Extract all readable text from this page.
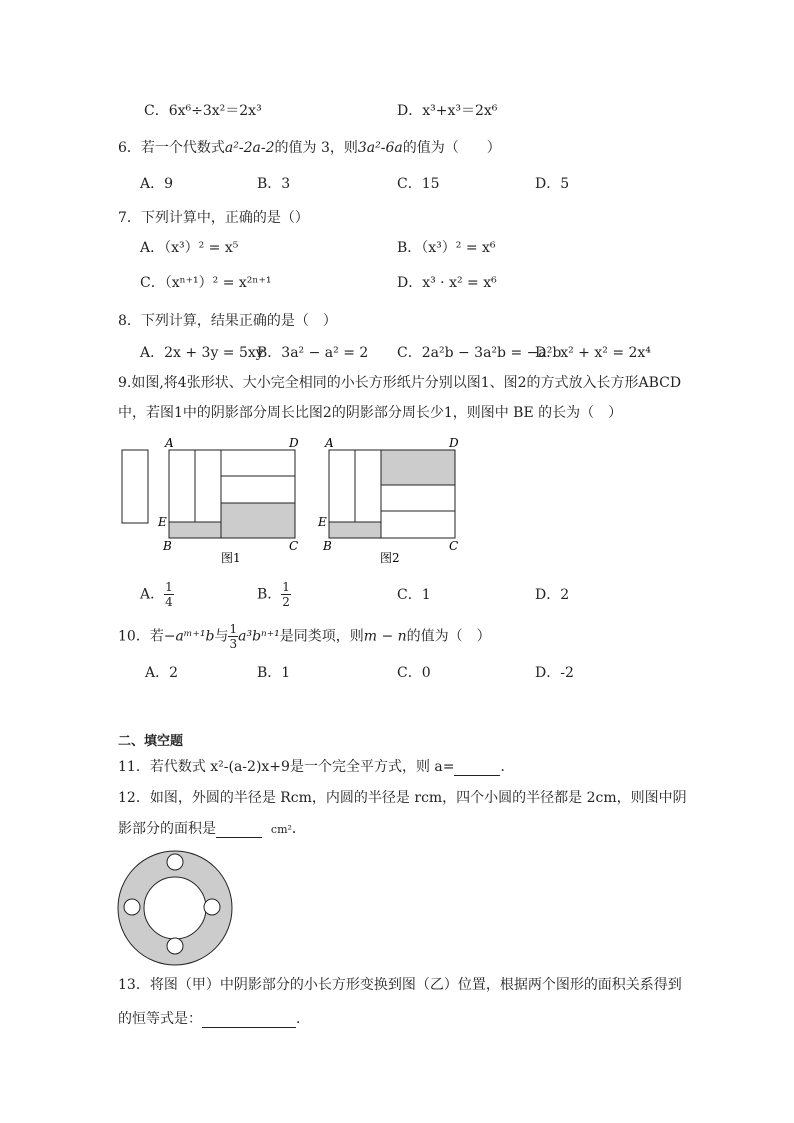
C．6x⁶÷3x²＝2x³	D．x³+x³＝2x⁶
6．若一个代数式a²-2a-2的值为 3，则3a²-6a的值为（　　）
A．9	B．3	C．15	D．5
7．下列计算中，正确的是（）
A．（x³）² = x⁵	B．（x³）² = x⁶
C．（xⁿ⁺¹）² = x²ⁿ⁺¹	D．x³ · x² = x⁶
8．下列计算，结果正确的是（　）
A．2x + 3y = 5xy
B．3a² − a² = 2 C．2a²b − 3a²b = −a²b
D．x² + x² = 2x⁴
9.如图,将4张形状、大小完全相同的小长方形纸片分别以图1、图2的方式放入长方形ABCD
中，若图1中的阴影部分周长比图2的阴影部分周长少1，则图中 BE 的长为（　）
A	D
E
B	C
图1
A	D
E
B	C
图2
A． $\frac{1}{4}$	B． $\frac{1}{2}$	C．1	D．2
10．若−aᵐ⁺¹b与 $\frac{1}{3} a^3b^{n+1}$是同类项，则m − n的值为（　）
A．2	B．1	C．0	D．-2
二、填空题
11．若代数式 x²-(a-2)x+9是一个完全平方式，则 a=	．
12．如图，外圆的半径是 Rcm，内圆的半径是 rcm，四个小圆的半径都是 2cm，则图中阴
影部分的面积是	cm²．
13．将图（甲）中阴影部分的小长方形变换到图（乙）位置，根据两个图形的面积关系得到
的恒等式是：	．
